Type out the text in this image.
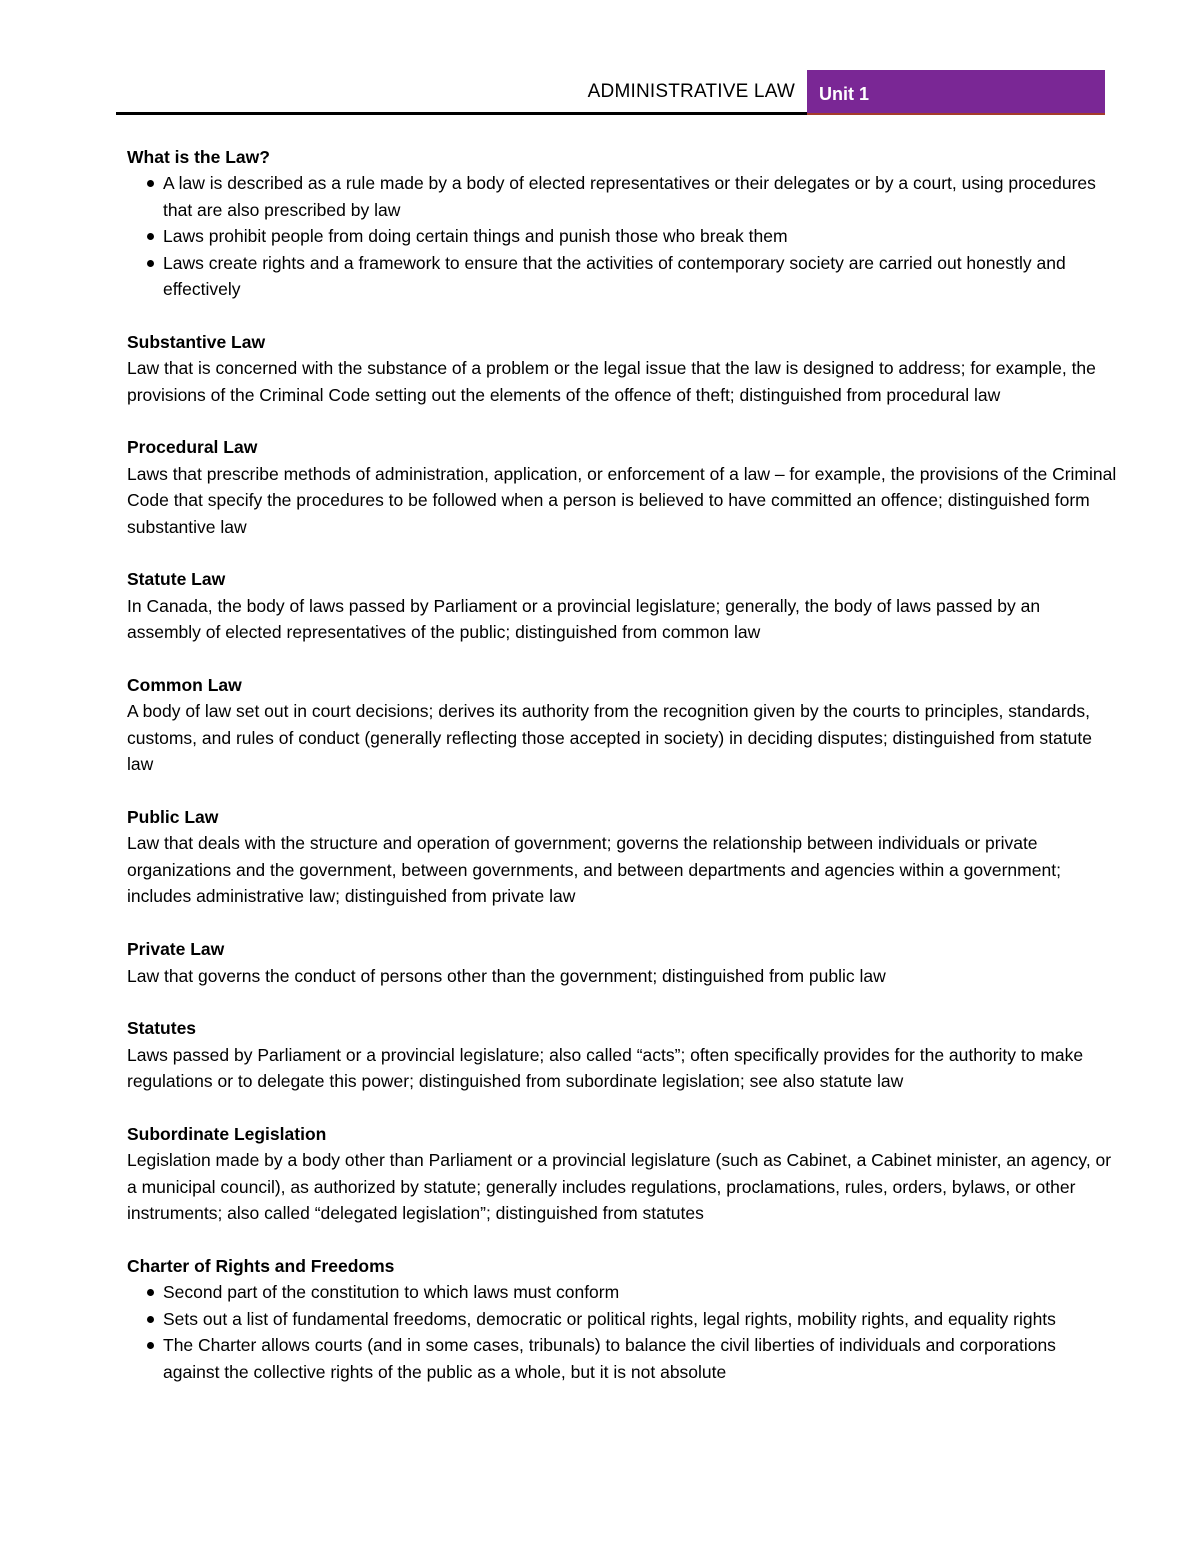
ADMINISTRATIVE LAW Unit 1

What is the Law?

A law is described as a rule made by a body of elected representatives or their delegates or by a court, using procedures that are also prescribed by law
Laws prohibit people from doing certain things and punish those who break them
Laws create rights and a framework to ensure that the activities of contemporary society are carried out honestly and effectively

Substantive Law

Law that is concerned with the substance of a problem or the legal issue that the law is designed to address; for example, the provisions of the Criminal Code setting out the elements of the offence of theft; distinguished from procedural law

Procedural Law

Laws that prescribe methods of administration, application, or enforcement of a law – for example, the provisions of the Criminal Code that specify the procedures to be followed when a person is believed to have committed an offence; distinguished form substantive law

Statute Law

In Canada, the body of laws passed by Parliament or a provincial legislature; generally, the body of laws passed by an assembly of elected representatives of the public; distinguished from common law

Common Law

A body of law set out in court decisions; derives its authority from the recognition given by the courts to principles, standards, customs, and rules of conduct (generally reflecting those accepted in society) in deciding disputes; distinguished from statute law

Public Law

Law that deals with the structure and operation of government; governs the relationship between individuals or private organizations and the government, between governments, and between departments and agencies within a government; includes administrative law; distinguished from private law

Private Law

Law that governs the conduct of persons other than the government; distinguished from public law

Statutes

Laws passed by Parliament or a provincial legislature; also called “acts”; often specifically provides for the authority to make regulations or to delegate this power; distinguished from subordinate legislation; see also statute law

Subordinate Legislation

Legislation made by a body other than Parliament or a provincial legislature (such as Cabinet, a Cabinet minister, an agency, or a municipal council), as authorized by statute; generally includes regulations, proclamations, rules, orders, bylaws, or other instruments; also called “delegated legislation”; distinguished from statutes

Charter of Rights and Freedoms

Second part of the constitution to which laws must conform
Sets out a list of fundamental freedoms, democratic or political rights, legal rights, mobility rights, and equality rights
The Charter allows courts (and in some cases, tribunals) to balance the civil liberties of individuals and corporations against the collective rights of the public as a whole, but it is not absolute
